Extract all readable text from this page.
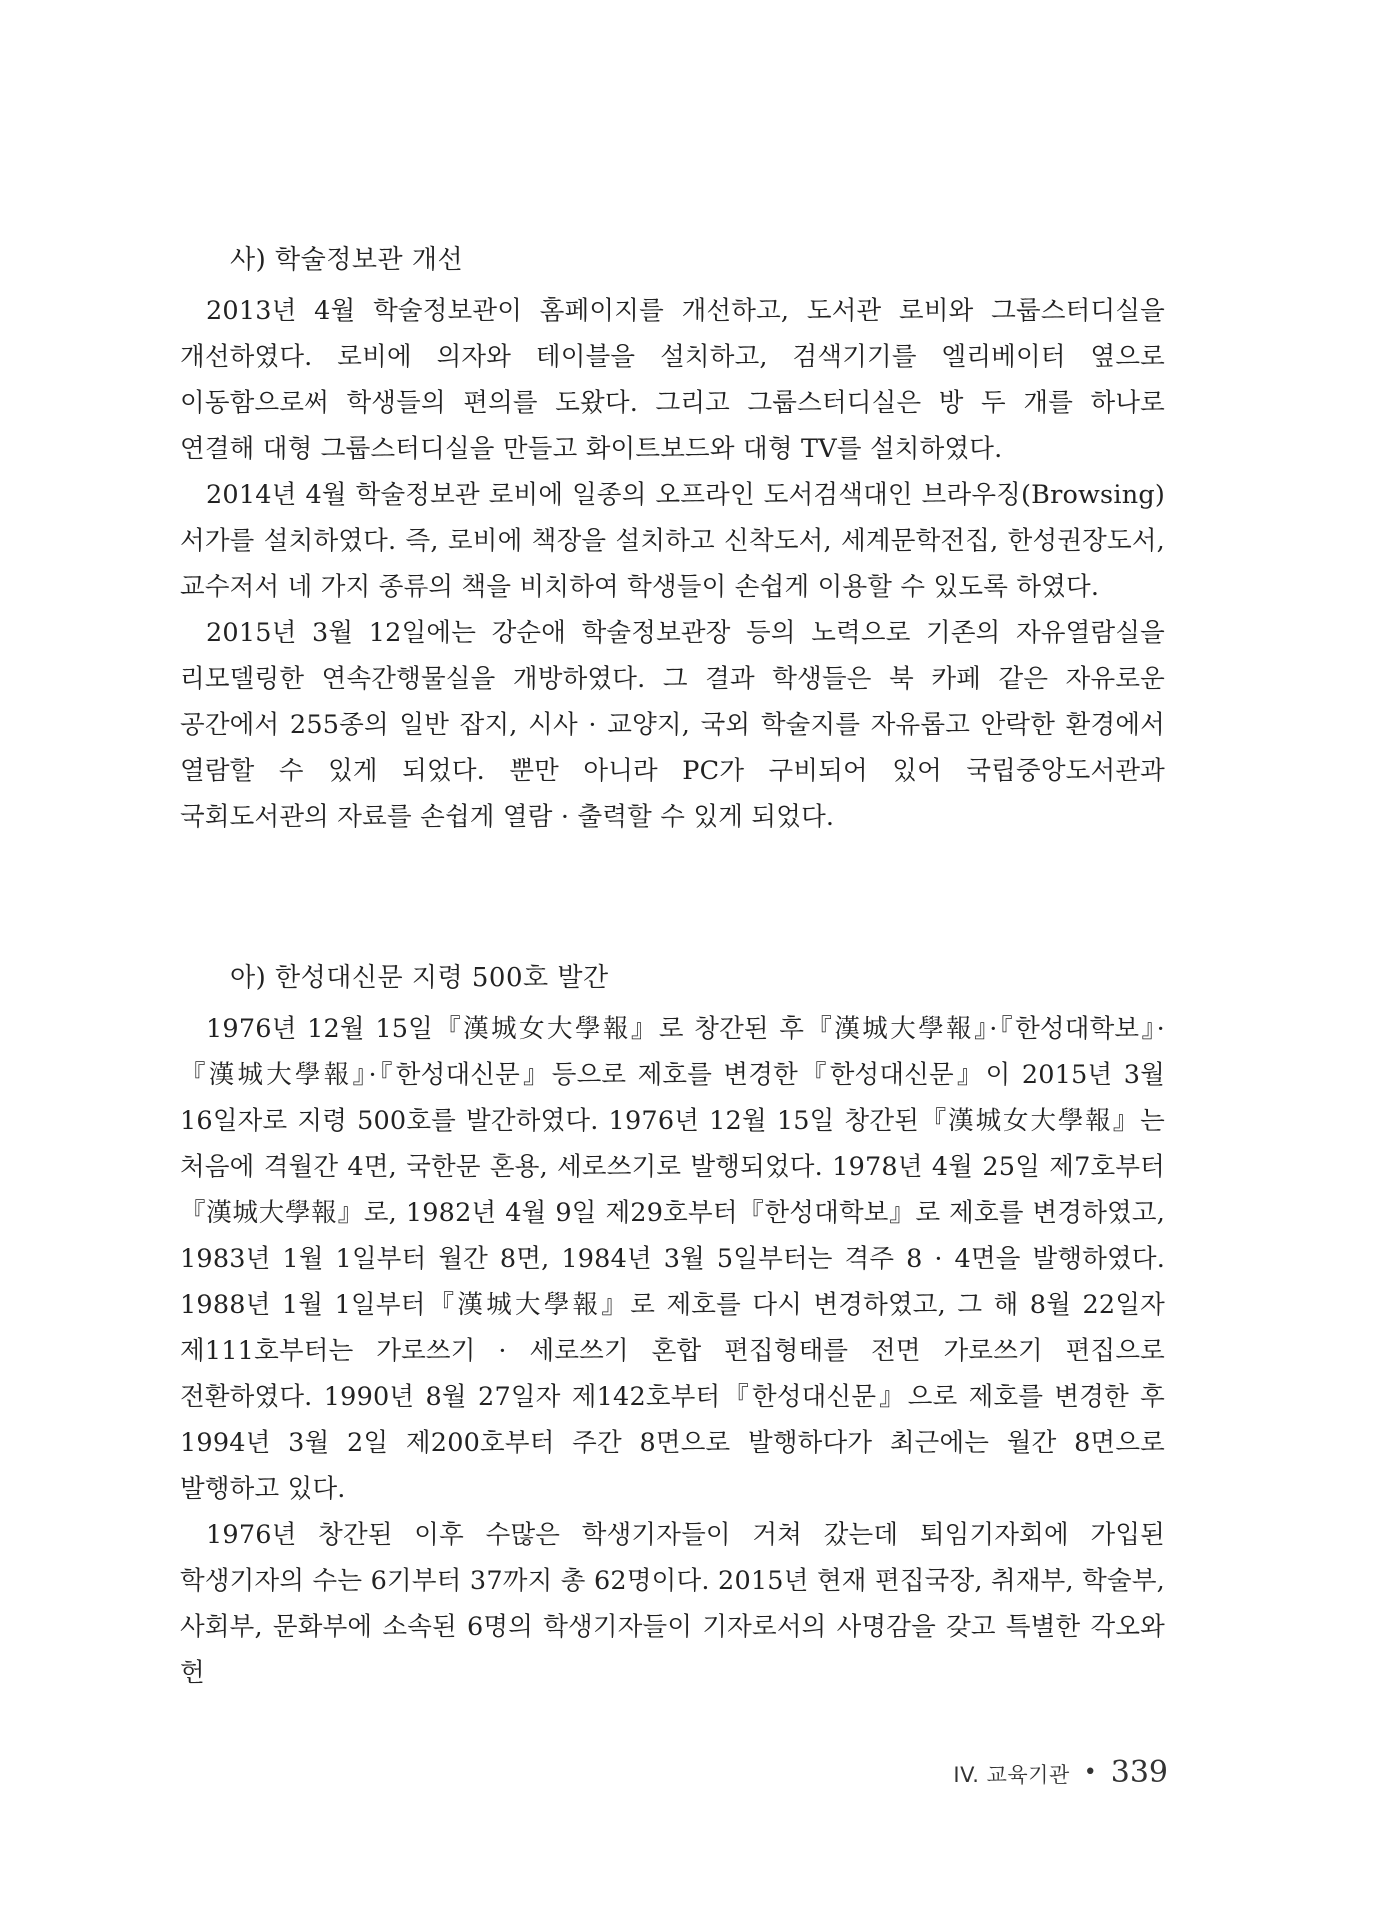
사) 학술정보관 개선

2013년 4월 학술정보관이 홈페이지를 개선하고, 도서관 로비와 그룹스터디실을 개선하였다. 로비에 의자와 테이블을 설치하고, 검색기기를 엘리베이터 옆으로 이동함으로써 학생들의 편의를 도왔다. 그리고 그룹스터디실은 방 두 개를 하나로 연결해 대형 그룹스터디실을 만들고 화이트보드와 대형 TV를 설치하였다.

2014년 4월 학술정보관 로비에 일종의 오프라인 도서검색대인 브라우징(Browsing)서가를 설치하였다. 즉, 로비에 책장을 설치하고 신착도서, 세계문학전집, 한성권장도서, 교수저서 네 가지 종류의 책을 비치하여 학생들이 손쉽게 이용할 수 있도록 하였다.

2015년 3월 12일에는 강순애 학술정보관장 등의 노력으로 기존의 자유열람실을 리모델링한 연속간행물실을 개방하였다. 그 결과 학생들은 북 카페 같은 자유로운 공간에서 255종의 일반 잡지, 시사 · 교양지, 국외 학술지를 자유롭고 안락한 환경에서 열람할 수 있게 되었다. 뿐만 아니라 PC가 구비되어 있어 국립중앙도서관과 국회도서관의 자료를 손쉽게 열람 · 출력할 수 있게 되었다.

아) 한성대신문 지령 500호 발간

1976년 12월 15일『漢城女大學報』로 창간된 후『漢城大學報』·『한성대학보』·『漢城大學報』·『한성대신문』등으로 제호를 변경한『한성대신문』이 2015년 3월 16일자로 지령 500호를 발간하였다. 1976년 12월 15일 창간된『漢城女大學報』는 처음에 격월간 4면, 국한문 혼용, 세로쓰기로 발행되었다. 1978년 4월 25일 제7호부터『漢城大學報』로, 1982년 4월 9일 제29호부터『한성대학보』로 제호를 변경하였고, 1983년 1월 1일부터 월간 8면, 1984년 3월 5일부터는 격주 8 · 4면을 발행하였다. 1988년 1월 1일부터『漢城大學報』로 제호를 다시 변경하였고, 그 해 8월 22일자 제111호부터는 가로쓰기 · 세로쓰기 혼합 편집형태를 전면 가로쓰기 편집으로 전환하였다. 1990년 8월 27일자 제142호부터『한성대신문』으로 제호를 변경한 후 1994년 3월 2일 제200호부터 주간 8면으로 발행하다가 최근에는 월간 8면으로 발행하고 있다.

1976년 창간된 이후 수많은 학생기자들이 거쳐 갔는데 퇴임기자회에 가입된 학생기자의 수는 6기부터 37까지 총 62명이다. 2015년 현재 편집국장, 취재부, 학술부, 사회부, 문화부에 소속된 6명의 학생기자들이 기자로서의 사명감을 갖고 특별한 각오와 헌

IV. 교육기관 • 339
